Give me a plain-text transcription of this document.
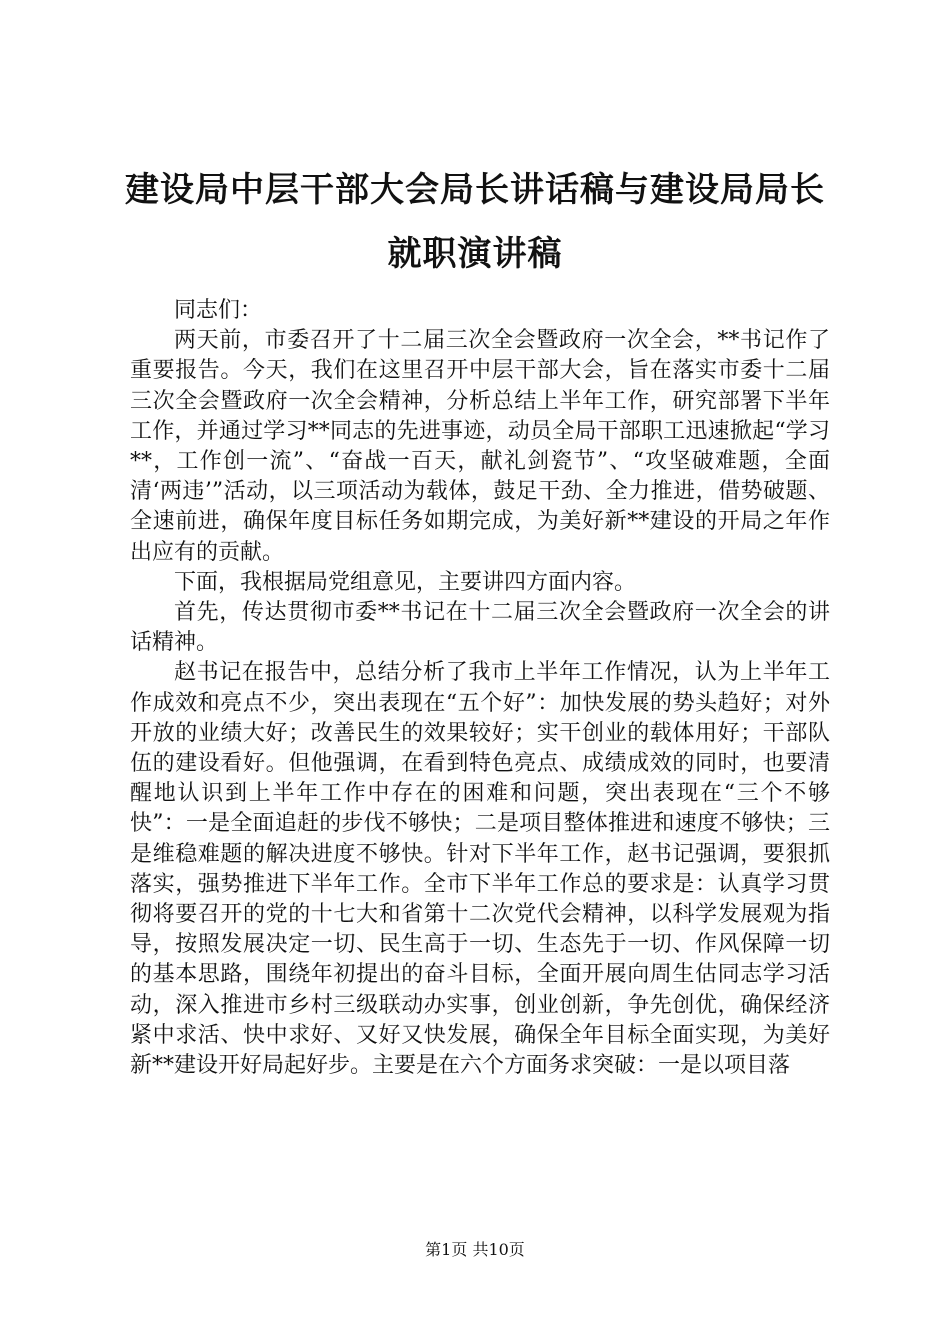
建设局中层干部大会局长讲话稿与建设局局长
就职演讲稿

同志们：

两天前，市委召开了十二届三次全会暨政府一次全会，**书记作了重要报告。今天，我们在这里召开中层干部大会，旨在落实市委十二届三次全会暨政府一次全会精神，分析总结上半年工作，研究部署下半年工作，并通过学习**同志的先进事迹，动员全局干部职工迅速掀起“学习**，工作创一流”、“奋战一百天，献礼剑瓷节”、“攻坚破难题，全面清‘两违’”活动，以三项活动为载体，鼓足干劲、全力推进，借势破题、全速前进，确保年度目标任务如期完成，为美好新**建设的开局之年作出应有的贡献。

下面，我根据局党组意见，主要讲四方面内容。

首先，传达贯彻市委**书记在十二届三次全会暨政府一次全会的讲话精神。

赵书记在报告中，总结分析了我市上半年工作情况，认为上半年工作成效和亮点不少，突出表现在“五个好”：加快发展的势头趋好；对外开放的业绩大好；改善民生的效果较好；实干创业的载体用好；干部队伍的建设看好。但他强调，在看到特色亮点、成绩成效的同时，也要清醒地认识到上半年工作中存在的困难和问题，突出表现在“三个不够快”：一是全面追赶的步伐不够快；二是项目整体推进和速度不够快；三是维稳难题的解决进度不够快。针对下半年工作，赵书记强调，要狠抓落实，强势推进下半年工作。全市下半年工作总的要求是：认真学习贯彻将要召开的党的十七大和省第十二次党代会精神，以科学发展观为指导，按照发展决定一切、民生高于一切、生态先于一切、作风保障一切的基本思路，围绕年初提出的奋斗目标，全面开展向周生估同志学习活动，深入推进市乡村三级联动办实事，创业创新，争先创优，确保经济紧中求活、快中求好、又好又快发展，确保全年目标全面实现，为美好新**建设开好局起好步。主要是在六个方面务求突破：一是以项目落

第1页 共10页
